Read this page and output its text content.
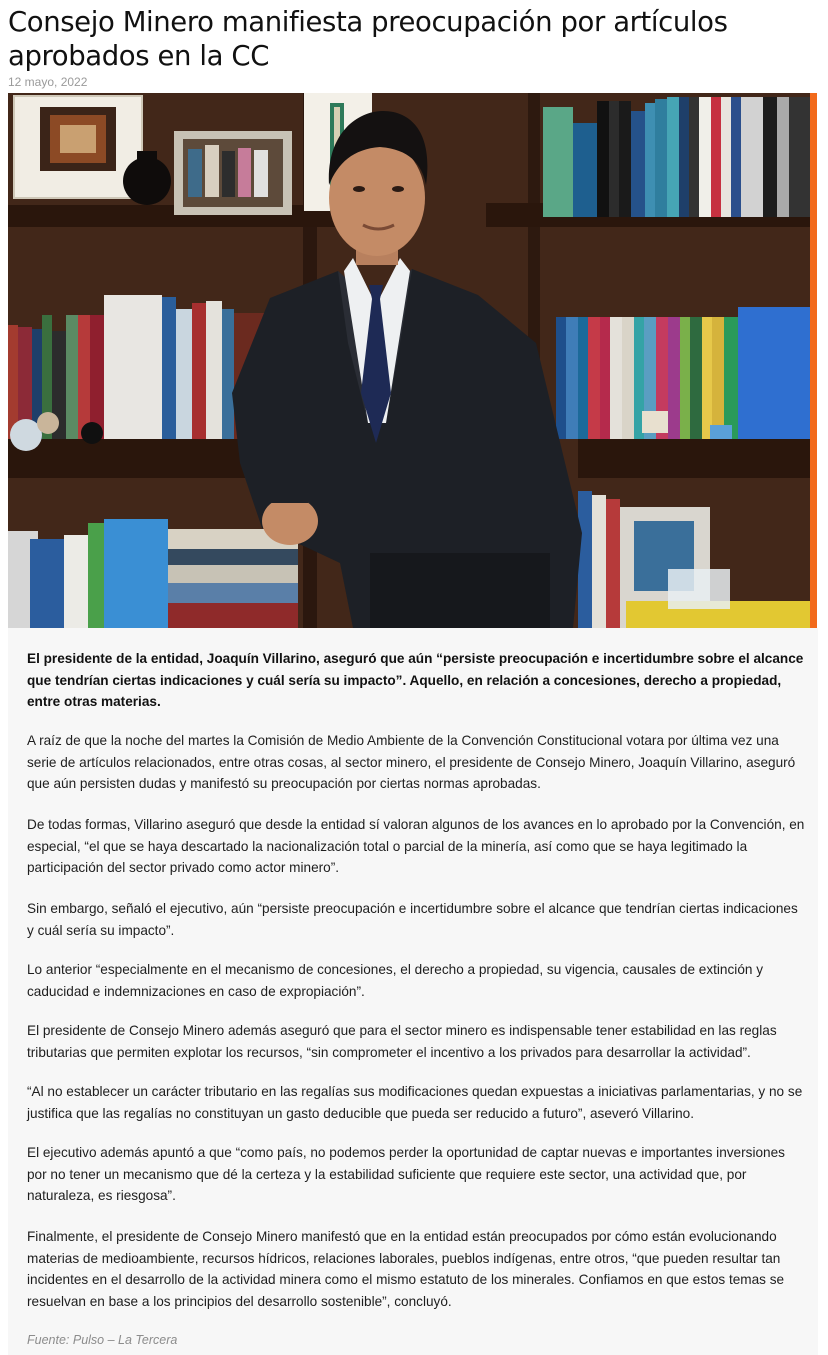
Consejo Minero manifiesta preocupación por artículos aprobados en la CC
12 mayo, 2022

El presidente de la entidad, Joaquín Villarino, aseguró que aún “persiste preocupación e incertidumbre sobre el alcance que tendrían ciertas indicaciones y cuál sería su impacto”. Aquello, en relación a concesiones, derecho a propiedad, entre otras materias.

A raíz de que la noche del martes la Comisión de Medio Ambiente de la Convención Constitucional votara por última vez una serie de artículos relacionados, entre otras cosas, al sector minero, el presidente de Consejo Minero, Joaquín Villarino, aseguró que aún persisten dudas y manifestó su preocupación por ciertas normas aprobadas.

De todas formas, Villarino aseguró que desde la entidad sí valoran algunos de los avances en lo aprobado por la Convención, en especial, “el que se haya descartado la nacionalización total o parcial de la minería, así como que se haya legitimado la participación del sector privado como actor minero”.

Sin embargo, señaló el ejecutivo, aún “persiste preocupación e incertidumbre sobre el alcance que tendrían ciertas indicaciones y cuál sería su impacto”.

Lo anterior “especialmente en el mecanismo de concesiones, el derecho a propiedad, su vigencia, causales de extinción y caducidad e indemnizaciones en caso de expropiación”.

El presidente de Consejo Minero además aseguró que para el sector minero es indispensable tener estabilidad en las reglas tributarias que permiten explotar los recursos, “sin comprometer el incentivo a los privados para desarrollar la actividad”.

“Al no establecer un carácter tributario en las regalías sus modificaciones quedan expuestas a iniciativas parlamentarias, y no se justifica que las regalías no constituyan un gasto deducible que pueda ser reducido a futuro”, aseveró Villarino.

El ejecutivo además apuntó a que “como país, no podemos perder la oportunidad de captar nuevas e importantes inversiones por no tener un mecanismo que dé la certeza y la estabilidad suficiente que requiere este sector, una actividad que, por naturaleza, es riesgosa”.

Finalmente, el presidente de Consejo Minero manifestó que en la entidad están preocupados por cómo están evolucionando materias de medioambiente, recursos hídricos, relaciones laborales, pueblos indígenas, entre otros, “que pueden resultar tan incidentes en el desarrollo de la actividad minera como el mismo estatuto de los minerales. Confiamos en que estos temas se resuelvan en base a los principios del desarrollo sostenible”, concluyó.

Fuente: Pulso – La Tercera
